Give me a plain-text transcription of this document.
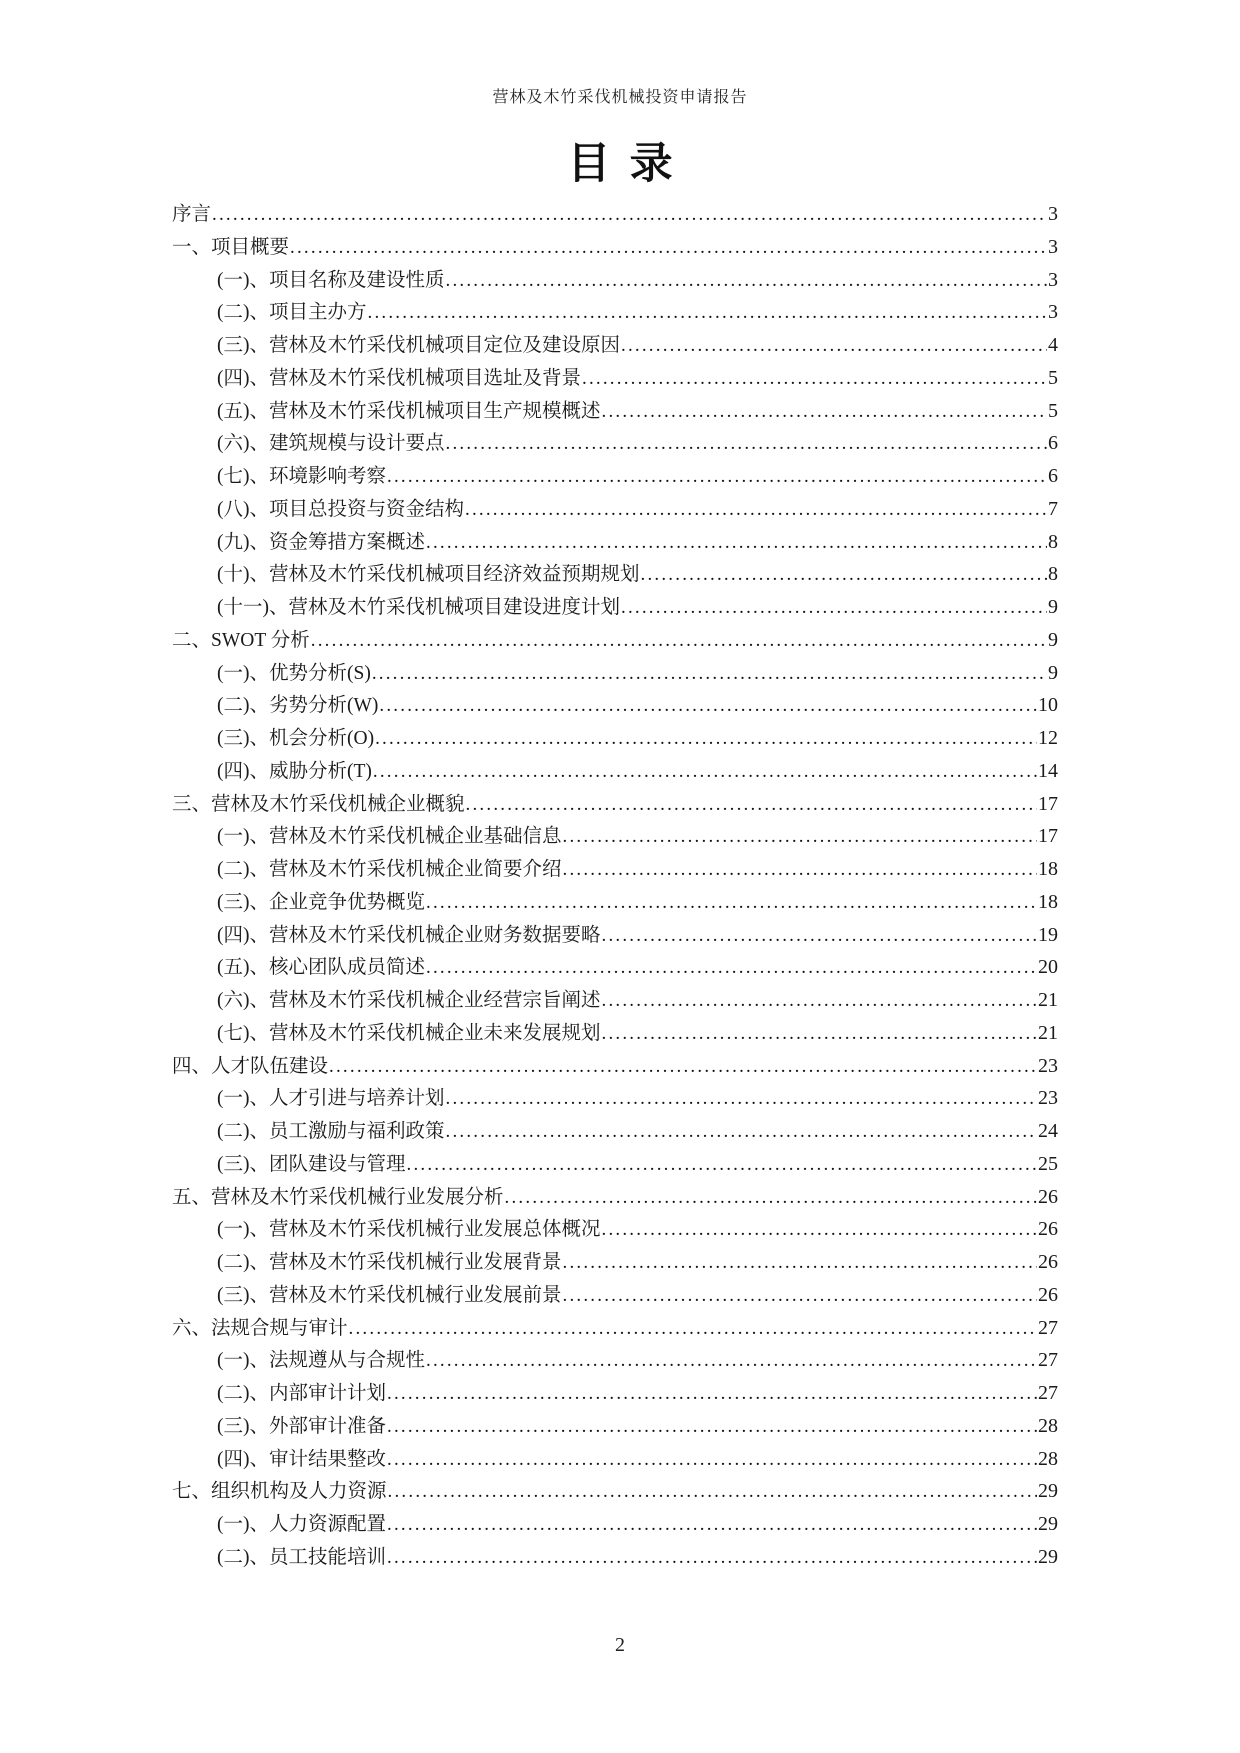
营林及木竹采伐机械投资申请报告
目录
序言 .....	3
一、项目概要 .....	3
(一)、项目名称及建设性质 .....	3
(二)、项目主办方 .....	3
(三)、营林及木竹采伐机械项目定位及建设原因 .....	4
(四)、营林及木竹采伐机械项目选址及背景 .....	5
(五)、营林及木竹采伐机械项目生产规模概述 .....	5
(六)、建筑规模与设计要点 .....	6
(七)、环境影响考察 .....	6
(八)、项目总投资与资金结构 .....	7
(九)、资金筹措方案概述 .....	8
(十)、营林及木竹采伐机械项目经济效益预期规划 .....	8
(十一)、营林及木竹采伐机械项目建设进度计划 .....	9
二、SWOT 分析 .....	9
(一)、优势分析(S) .....	9
(二)、劣势分析(W) .....	10
(三)、机会分析(O) .....	12
(四)、威胁分析(T) .....	14
三、营林及木竹采伐机械企业概貌 .....	17
(一)、营林及木竹采伐机械企业基础信息 .....	17
(二)、营林及木竹采伐机械企业简要介绍 .....	18
(三)、企业竞争优势概览 .....	18
(四)、营林及木竹采伐机械企业财务数据要略 .....	19
(五)、核心团队成员简述 .....	20
(六)、营林及木竹采伐机械企业经营宗旨阐述 .....	21
(七)、营林及木竹采伐机械企业未来发展规划 .....	21
四、人才队伍建设 .....	23
(一)、人才引进与培养计划 .....	23
(二)、员工激励与福利政策 .....	24
(三)、团队建设与管理 .....	25
五、营林及木竹采伐机械行业发展分析 .....	26
(一)、营林及木竹采伐机械行业发展总体概况 .....	26
(二)、营林及木竹采伐机械行业发展背景 .....	26
(三)、营林及木竹采伐机械行业发展前景 .....	26
六、法规合规与审计 .....	27
(一)、法规遵从与合规性 .....	27
(二)、内部审计计划 .....	27
(三)、外部审计准备 .....	28
(四)、审计结果整改 .....	28
七、组织机构及人力资源 .....	29
(一)、人力资源配置 .....	29
(二)、员工技能培训 .....	29
2
